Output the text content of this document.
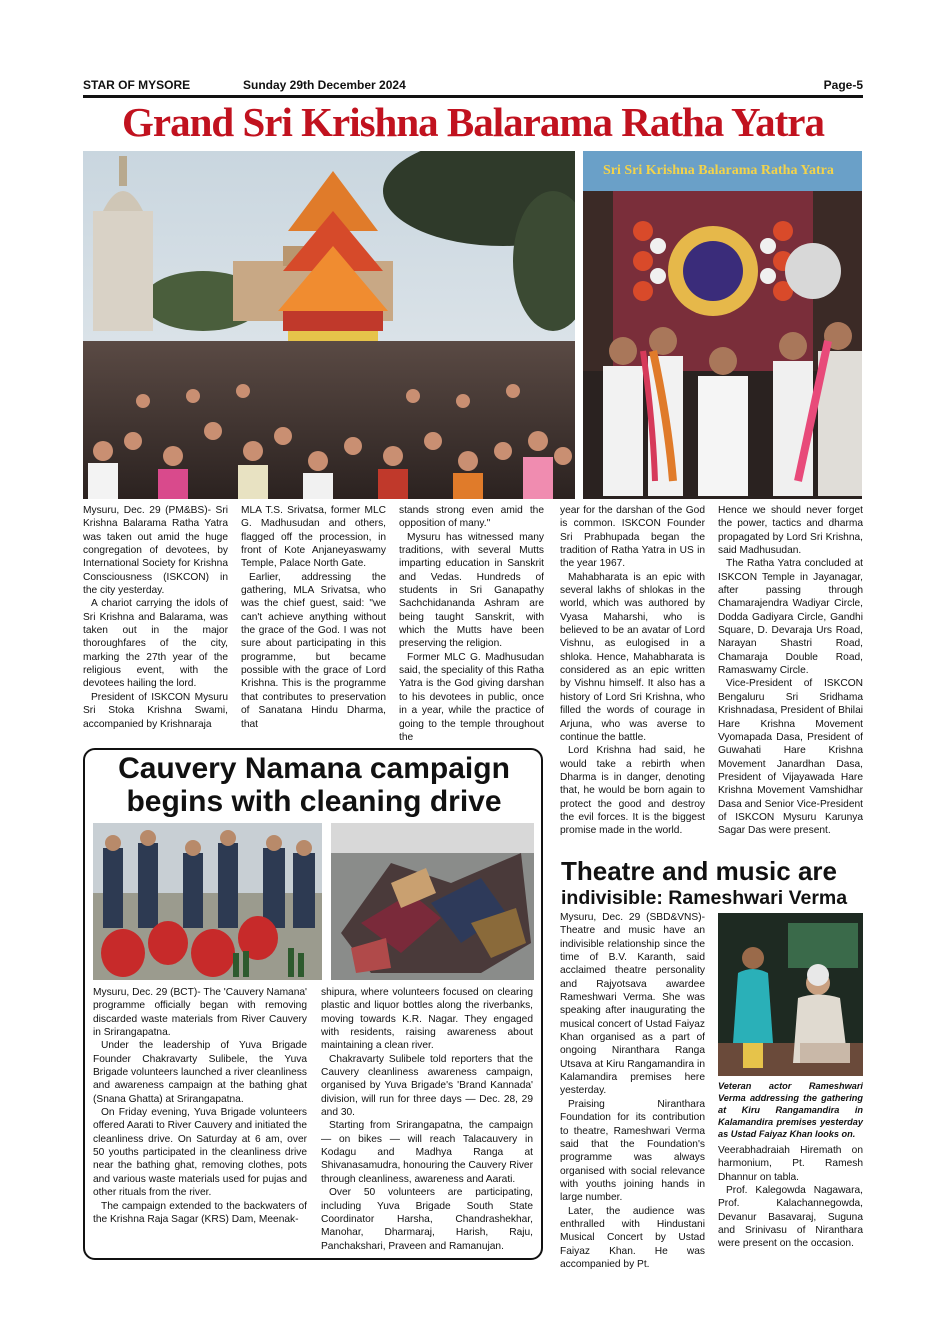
STAR OF MYSORE	Sunday 29th December 2024	Page-5
Grand Sri Krishna Balarama Ratha Yatra
Sri Sri Krishna Balarama Ratha Yatra

Mysuru, Dec. 29 (PM&BS)- Sri Krishna Balarama Ratha Yatra was taken out amid the huge congregation of devotees, by International Society for Krishna Consciousness (ISKCON) in the city yesterday.

A chariot carrying the idols of Sri Krishna and Balarama, was taken out in the major thoroughfares of the city, marking the 27th year of the religious event, with the devotees hailing the lord.

President of ISKCON Mysuru Sri Stoka Krishna Swami, accompanied by Krishnaraja

MLA T.S. Srivatsa, former MLC G. Madhusudan and others, flagged off the procession, in front of Kote Anjaneyaswamy Temple, Palace North Gate.

Earlier, addressing the gathering, MLA Srivatsa, who was the chief guest, said: "we can't achieve anything without the grace of the God. I was not sure about participating in this programme, but became possible with the grace of Lord Krishna. This is the programme that contributes to preservation of Sanatana Hindu Dharma, that

stands strong even amid the opposition of many."

Mysuru has witnessed many traditions, with several Mutts imparting education in Sanskrit and Vedas. Hundreds of students in Sri Ganapathy Sachchidananda Ashram are being taught Sanskrit, with which the Mutts have been preserving the religion.

Former MLC G. Madhusudan said, the speciality of this Ratha Yatra is the God giving darshan to his devotees in public, once in a year, while the practice of going to the temple throughout the

year for the darshan of the God is common. ISKCON Founder Sri Prabhupada began the tradition of Ratha Yatra in US in the year 1967.

Mahabharata is an epic with several lakhs of shlokas in the world, which was authored by Vyasa Maharshi, who is believed to be an avatar of Lord Vishnu, as eulogised in a shloka. Hence, Mahabharata is considered as an epic written by Vishnu himself. It also has a history of Lord Sri Krishna, who filled the words of courage in Arjuna, who was averse to continue the battle.

Lord Krishna had said, he would take a rebirth when Dharma is in danger, denoting that, he would be born again to protect the good and destroy the evil forces. It is the biggest promise made in the world.

Hence we should never forget the power, tactics and dharma propagated by Lord Sri Krishna, said Madhusudan.

The Ratha Yatra concluded at ISKCON Temple in Jayanagar, after passing through Chamarajendra Wadiyar Circle, Dodda Gadiyara Circle, Gandhi Square, D. Devaraja Urs Road, Narayan Shastri Road, Chamaraja Double Road, Ramaswamy Circle.

Vice-President of ISKCON Bengaluru Sri Sridhama Krishnadasa, President of Bhilai Hare Krishna Movement Vyomapada Dasa, President of Guwahati Hare Krishna Movement Janardhan Dasa, President of Vijayawada Hare Krishna Movement Vamshidhar Dasa and Senior Vice-President of ISKCON Mysuru Karunya Sagar Das were present.

Cauvery Namana campaign
begins with cleaning drive

Mysuru, Dec. 29 (BCT)- The 'Cauvery Namana' programme officially began with removing discarded waste materials from River Cauvery in Srirangapatna.

Under the leadership of Yuva Brigade Founder Chakravarty Sulibele, the Yuva Brigade volunteers launched a river cleanliness and awareness campaign at the bathing ghat (Snana Ghatta) at Srirangapatna.

On Friday evening, Yuva Brigade volunteers offered Aarati to River Cauvery and initiated the cleanliness drive. On Saturday at 6 am, over 50 youths participated in the cleanliness drive near the bathing ghat, removing clothes, pots and various waste materials used for pujas and other rituals from the river.

The campaign extended to the backwaters of the Krishna Raja Sagar (KRS) Dam, Meenak-

shipura, where volunteers focused on clearing plastic and liquor bottles along the riverbanks, moving towards K.R. Nagar. They engaged with residents, raising awareness about maintaining a clean river.

Chakravarty Sulibele told reporters that the Cauvery cleanliness awareness campaign, organised by Yuva Brigade's 'Brand Kannada' division, will run for three days — Dec. 28, 29 and 30.

Starting from Srirangapatna, the campaign — on bikes — will reach Talacauvery in Kodagu and Madhya Ranga at Shivanasamudra, honouring the Cauvery River through cleanliness, awareness and Aarati.

Over 50 volunteers are participating, including Yuva Brigade South State Coordinator Harsha, Chandrashekhar, Manohar, Dharmaraj, Harish, Raju, Panchakshari, Praveen and Ramanujan.

Theatre and music are
indivisible: Rameshwari Verma

Mysuru, Dec. 29 (SBD&VNS)- Theatre and music have an indivisible relationship since the time of B.V. Karanth, said acclaimed theatre personality and Rajyotsava awardee Rameshwari Verma. She was speaking after inaugurating the musical concert of Ustad Faiyaz Khan organised as a part of ongoing Niranthara Ranga Utsava at Kiru Rangamandira in Kalamandira premises here yesterday.

Praising Niranthara Foundation for its contribution to theatre, Rameshwari Verma said that the Foundation's programme was always organised with social relevance with youths joining hands in large number.

Later, the audience was enthralled with Hindustani Musical Concert by Ustad Faiyaz Khan. He was accompanied by Pt.

Veteran actor Rameshwari Verma addressing the gathering at Kiru Rangamandira in Kalamandira premises yesterday as Ustad Faiyaz Khan looks on.

Veerabhadraiah Hiremath on harmonium, Pt. Ramesh Dhannur on tabla.

Prof. Kalegowda Nagawara, Prof. Kalachannegowda, Devanur Basavaraj, Suguna and Srinivasu of Niranthara were present on the occasion.
